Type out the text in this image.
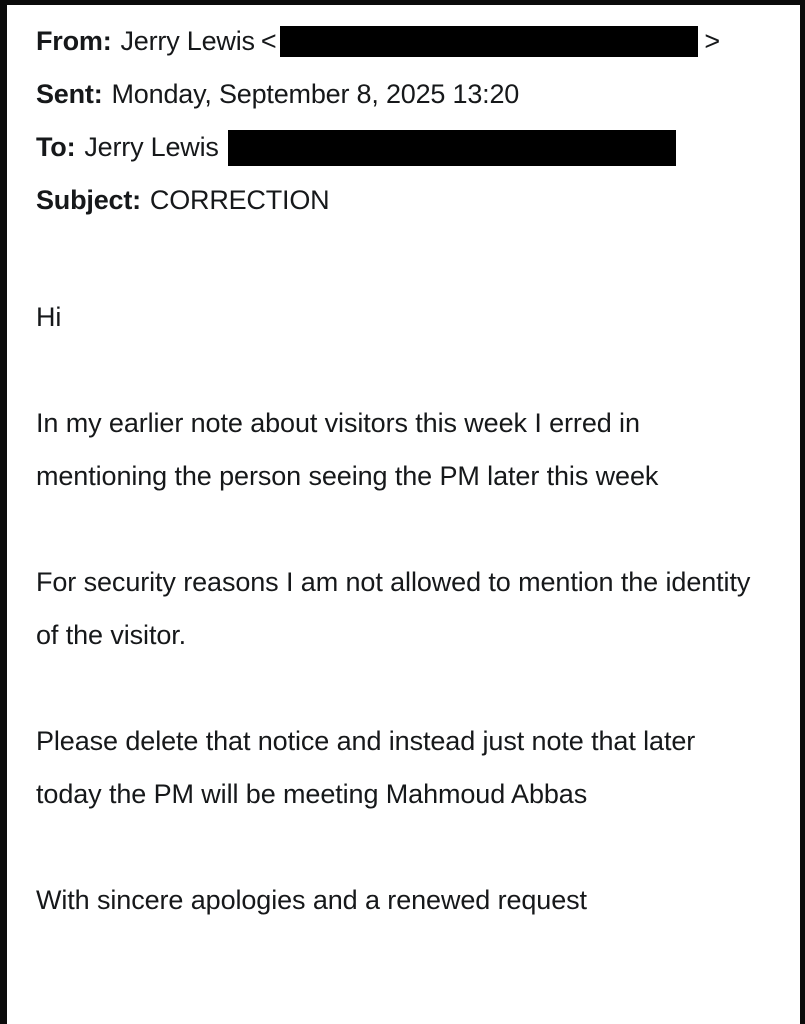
From: Jerry Lewis <	>
Sent: Monday, September 8, 2025 13:20
To: Jerry Lewis
Subject: CORRECTION

Hi

In my earlier note about visitors this week I erred in mentioning the person seeing the PM later this week

For security reasons I am not allowed to mention the identity of the visitor.

Please delete that notice and instead just note that later today the PM will be meeting Mahmoud Abbas

With sincere apologies and a renewed request
